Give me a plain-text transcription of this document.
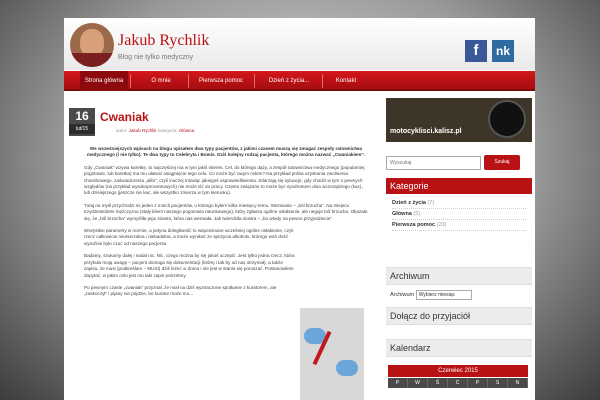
Jakub Rychlik
Blog nie tylko medyczny	f	nk
Strona główna	O mnie	Pierwsza pomoc	Dzień z życia...	Kontakt
16
lut/15
Cwaniak
autor: Jakub Rychlik kategoria: Główna

We wcześniejszych wpisach na blogu opisałem dwa typy pacjentów, z jakimi czasem muszą się zmagać zespoły ratownictwa medycznego (i nie tylko). Te dwa typy to Celebryta i Bomis. Dziś kolejny rodzaj pacjenta, którego można nazwać „Cwaniakiem”.

Gdy „Cwaniak” wzywa karetkę, to najczęściej ma w tym jakiś interes. Cel, do którego dąży, a zespół ratownictwa medycznego (popularniej pogotowie, lub karetka) ma mu ułatwić osiągnięcie tego celu. Co może być owym celem? Na przykład próba uzyskania zwolnienia chorobowego, zaświadczenia „alibi”, czyli inaczej mówiąc jakiegoś usprawiedliwienia. Zdarzają się sytuacje, gdy chodzi w tym o pewnych względów (na przykład wysokoprocentowych) nie może iść do pracy. Często związane to może być syndromem dnia wczorajszego (kac), lub dzisiejszego (jeszcze nie kac, ale wszystko zmierza w tym kierunku).

Tutaj na myśl przychodzi mi jeden z moich pacjentów, u którego byłem kilka miesięcy temu. Wezwanie – „ból brzucha”. Na miejscu trzydziestoletni mężczyzna (stały klient naszego pogotowia ratunkowego), który zgłasza ogólne osłabienie, ale neguje ból brzucha. Okazało się, że „ból brzucha” wymyśliła jego siostra, która nas wezwała. Jak twierdziła siostra – „bo wtedy na pewno przyjedziecie”.

Wszystkie parametry w normie, a jedyna dolegliwość to wspominane wcześniej ogólne osłabienie, czyli rzecz całkowicie niemierzalna i niebadalna, a może wynikać ze spożycia alkoholu, którego woń dość wyraźnie było czuć od naszego pacjenta.

Badamy, szukamy dalej i nadal nic. Nic, czego można by się jakoś uczepić. Jest tylko jedna rzecz, która przykuła moją uwagę – pacjent domaga się dokumentacji (której i tak by od nas otrzymał), a także zapisu, że musi (podkreślam – MUSI) dziś leżeć w domu i nie jest w stanie się poruszać. Postanowiłem dopytać, w jakim celu jest mu taki zapis potrzebny.

Po pewnym czasie „cwaniak” przyznał, że miał na dziś wyznaczone spotkanie z kuratorem, ale „zaskoczył” i pijany nie pójdzie, bo kurator może mu...

motocyklisci.kalisz.pl
Wyszukaj
Szukaj
Kategorie
Dzień z życia (7)
Główna (5)
Pierwsza pomoc (23)
Archiwum
Archiwum Wybierz miesiąc
Dołącz do przyjaciół
Kalendarz
Czerwiec 2015
P	W	Ś	C	P	S	N
